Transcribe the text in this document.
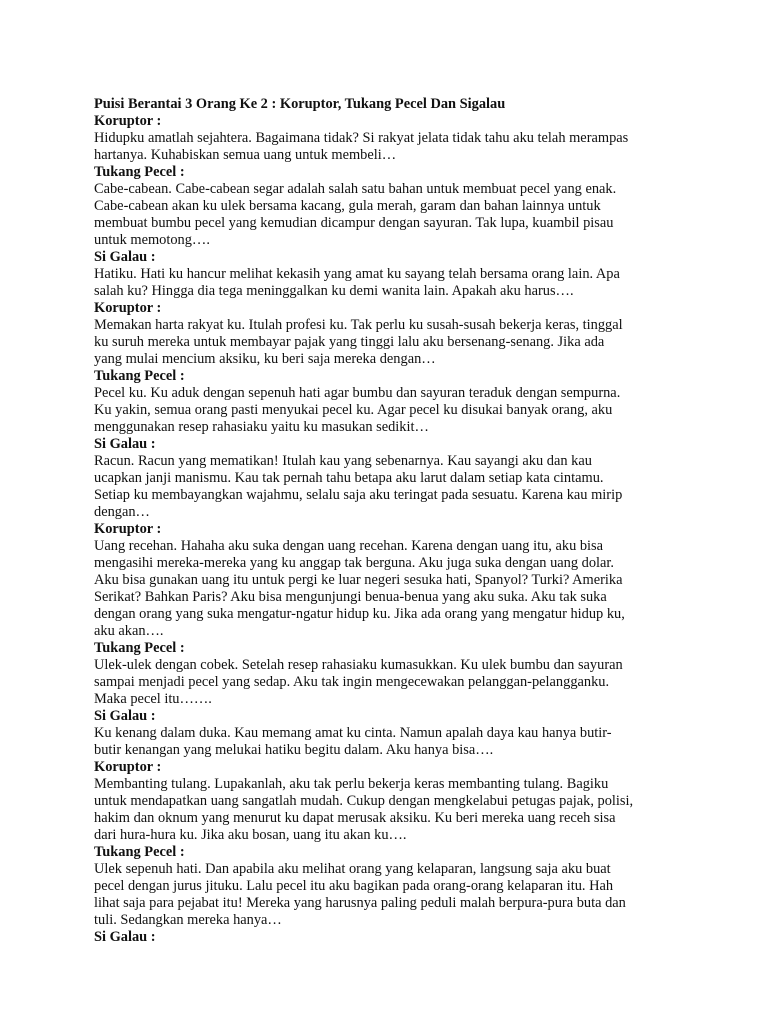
Puisi Berantai 3 Orang Ke 2 : Koruptor, Tukang Pecel Dan Sigalau

Koruptor :

Hidupku amatlah sejahtera. Bagaimana tidak? Si rakyat jelata tidak tahu aku telah merampas
hartanya. Kuhabiskan semua uang untuk membeli…

Tukang Pecel :

Cabe-cabean. Cabe-cabean segar adalah salah satu bahan untuk membuat pecel yang enak.
Cabe-cabean akan ku ulek bersama kacang, gula merah, garam dan bahan lainnya untuk
membuat bumbu pecel yang kemudian dicampur dengan sayuran. Tak lupa, kuambil pisau
untuk memotong….

Si Galau :

Hatiku. Hati ku hancur melihat kekasih yang amat ku sayang telah bersama orang lain. Apa
salah ku? Hingga dia tega meninggalkan ku demi wanita lain. Apakah aku harus….

Koruptor :

Memakan harta rakyat ku. Itulah profesi ku. Tak perlu ku susah-susah bekerja keras, tinggal
ku suruh mereka untuk membayar pajak yang tinggi lalu aku bersenang-senang. Jika ada
yang mulai mencium aksiku, ku beri saja mereka dengan…

Tukang Pecel :

Pecel ku. Ku aduk dengan sepenuh hati agar bumbu dan sayuran teraduk dengan sempurna.
Ku yakin, semua orang pasti menyukai pecel ku. Agar pecel ku disukai banyak orang, aku
menggunakan resep rahasiaku yaitu ku masukan sedikit…

Si Galau :

Racun. Racun yang mematikan! Itulah kau yang sebenarnya. Kau sayangi aku dan kau
ucapkan janji manismu. Kau tak pernah tahu betapa aku larut dalam setiap kata cintamu.
Setiap ku membayangkan wajahmu, selalu saja aku teringat pada sesuatu. Karena kau mirip
dengan…

Koruptor :

Uang recehan. Hahaha aku suka dengan uang recehan. Karena dengan uang itu, aku bisa
mengasihi mereka-mereka yang ku anggap tak berguna. Aku juga suka dengan uang dolar.
Aku bisa gunakan uang itu untuk pergi ke luar negeri sesuka hati, Spanyol? Turki? Amerika
Serikat? Bahkan Paris? Aku bisa mengunjungi benua-benua yang aku suka. Aku tak suka
dengan orang yang suka mengatur-ngatur hidup ku. Jika ada orang yang mengatur hidup ku,
aku akan….

Tukang Pecel :

Ulek-ulek dengan cobek. Setelah resep rahasiaku kumasukkan. Ku ulek bumbu dan sayuran
sampai menjadi pecel yang sedap. Aku tak ingin mengecewakan pelanggan-pelangganku.
Maka pecel itu…….

Si Galau :

Ku kenang dalam duka. Kau memang amat ku cinta. Namun apalah daya kau hanya butir-
butir kenangan yang melukai hatiku begitu dalam. Aku hanya bisa….

Koruptor :

Membanting tulang. Lupakanlah, aku tak perlu bekerja keras membanting tulang. Bagiku
untuk mendapatkan uang sangatlah mudah. Cukup dengan mengkelabui petugas pajak, polisi,
hakim dan oknum yang menurut ku dapat merusak aksiku. Ku beri mereka uang receh sisa
dari hura-hura ku. Jika aku bosan, uang itu akan ku….

Tukang Pecel :

Ulek sepenuh hati. Dan apabila aku melihat orang yang kelaparan, langsung saja aku buat
pecel dengan jurus jituku. Lalu pecel itu aku bagikan pada orang-orang kelaparan itu. Hah
lihat saja para pejabat itu! Mereka yang harusnya paling peduli malah berpura-pura buta dan
tuli. Sedangkan mereka hanya…

Si Galau :
